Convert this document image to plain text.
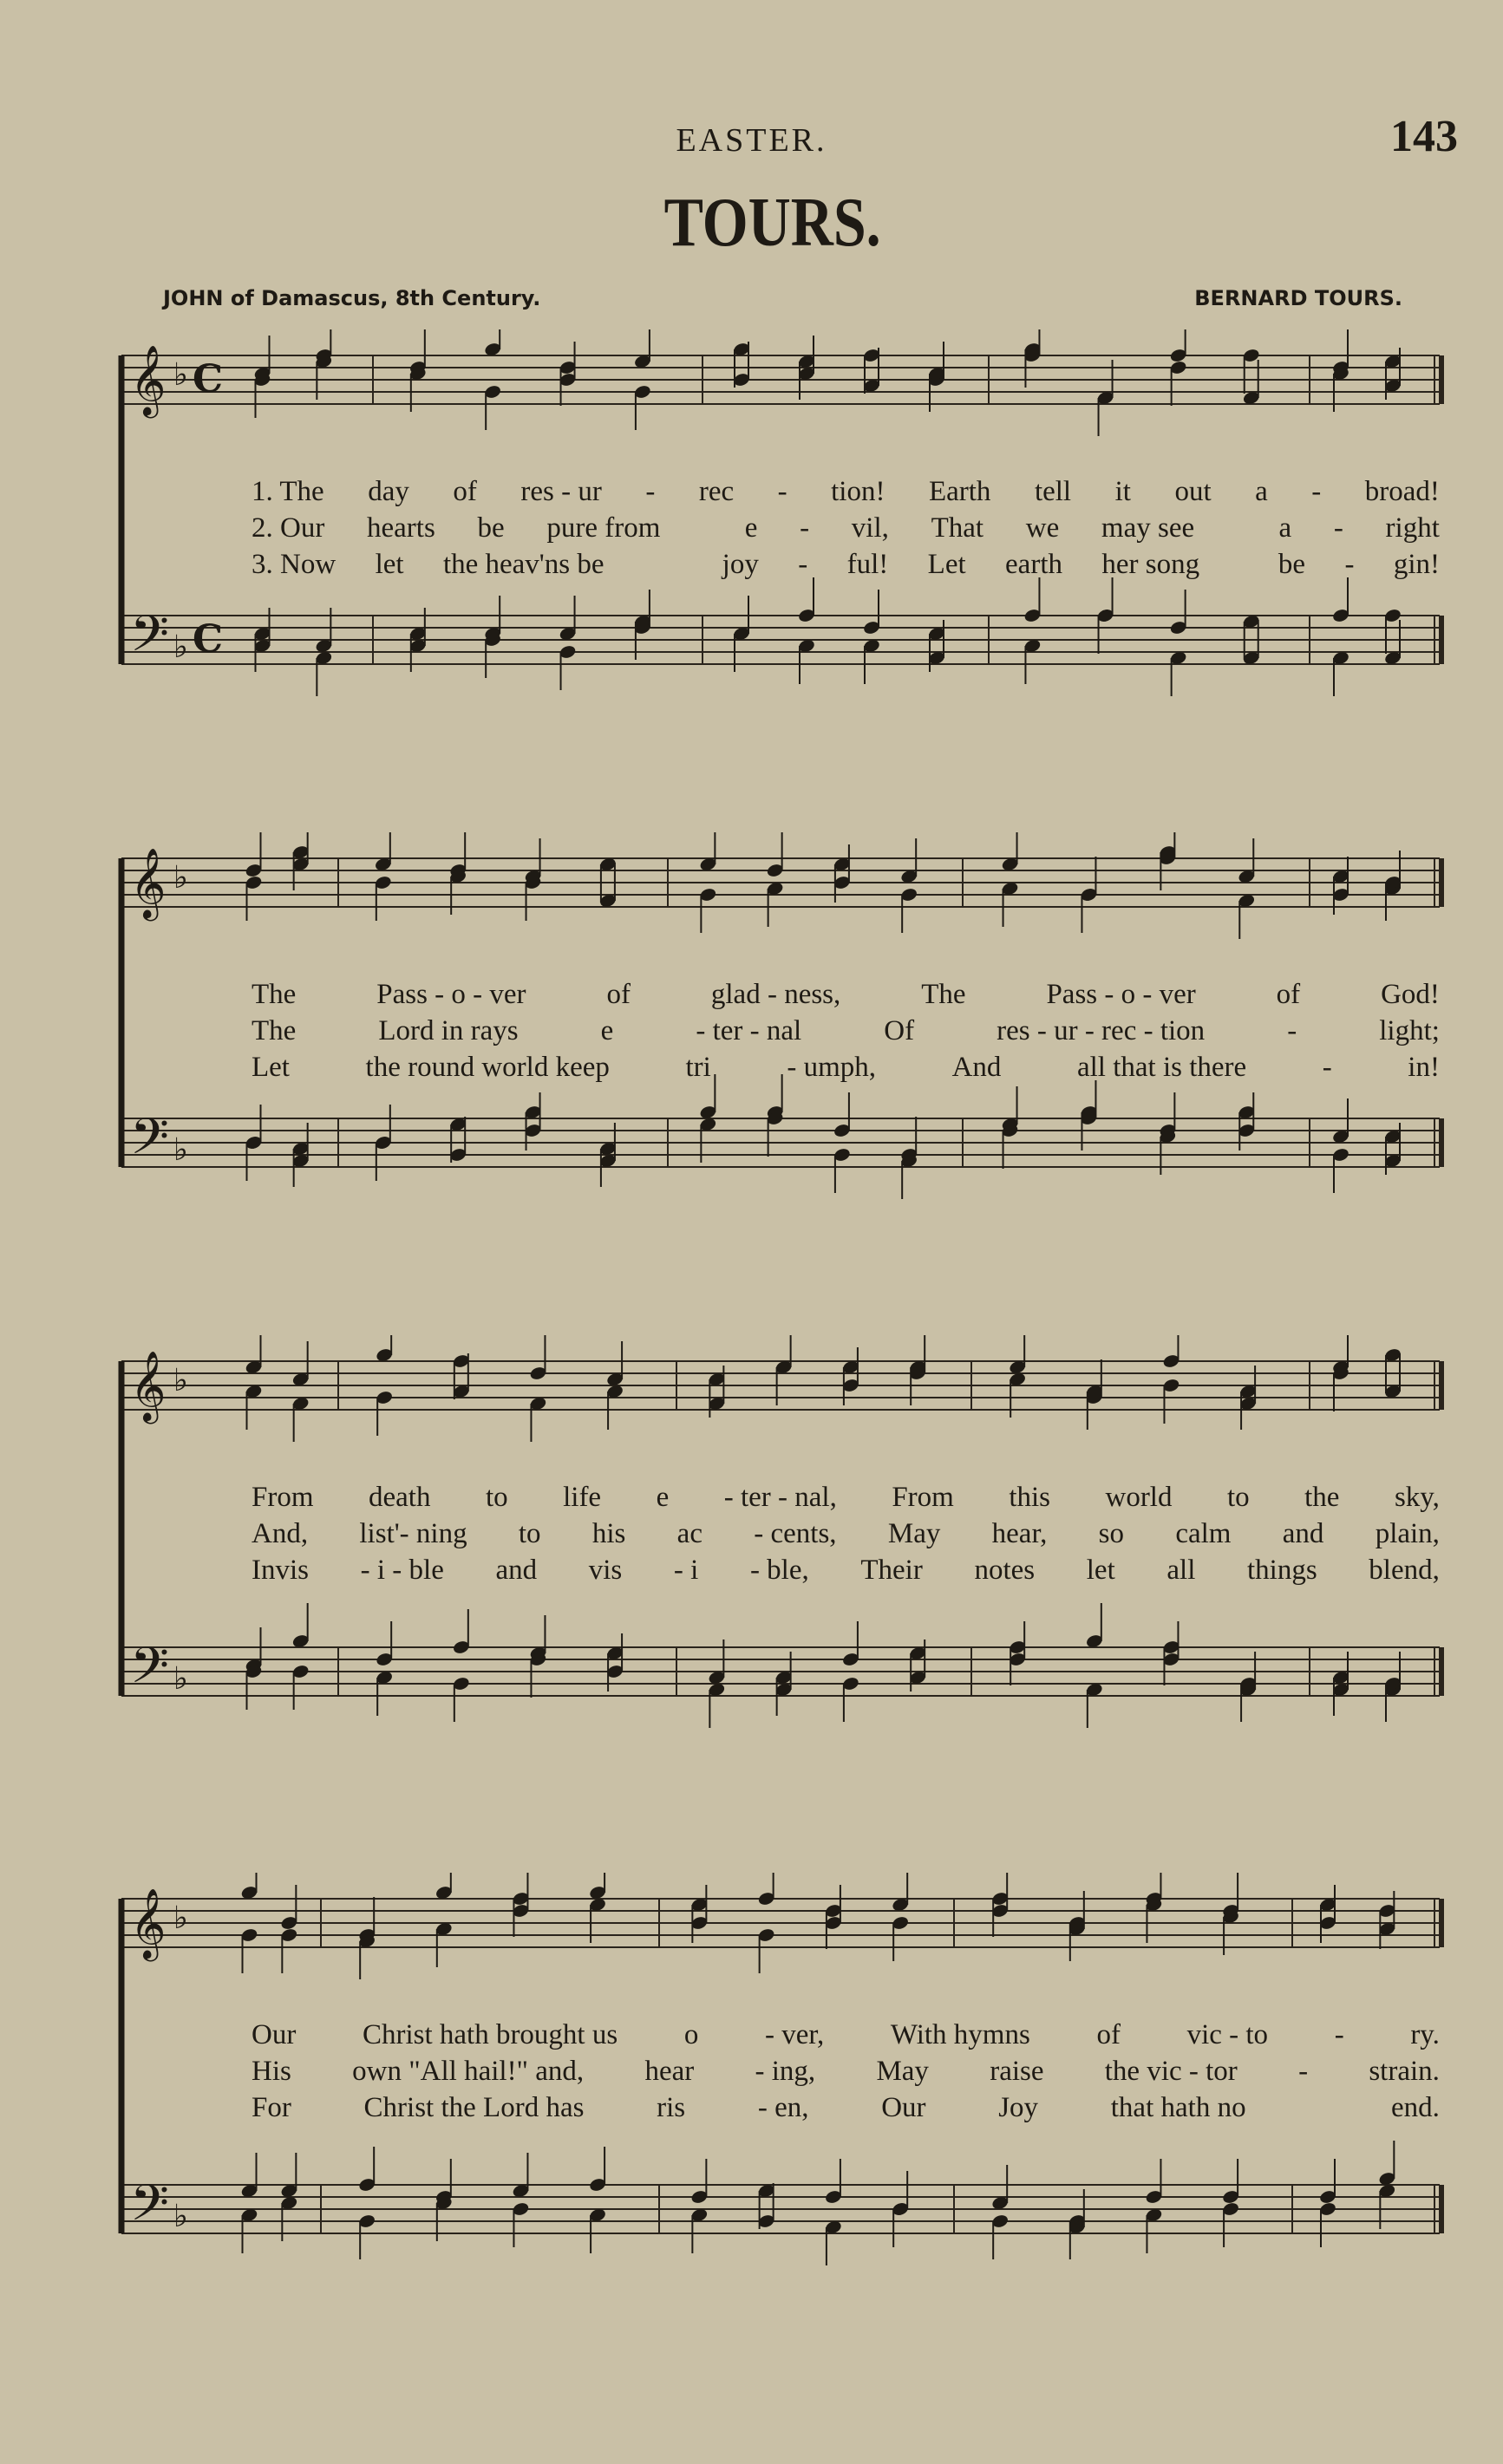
EASTER.	143
TOURS.
JOHN of Damascus, 8th Century.	BERNARD TOURS.
𝄞 ♭ C
𝄢 ♭ C
1. The day of res - ur - rec - tion! Earth tell it out a - broad!
2. Our hearts be pure from	e - vil, That we may see	a - right
3. Now let the heav'ns be	joy - ful! Let earth her song	be - gin!
𝄞 ♭
𝄢 ♭
The	Pass - o - ver	of	glad - ness,	The	Pass - o - ver	of	God!
The	Lord in rays	e	- ter - nal	Of	res - ur - rec - tion	-	light;
Let	the round world keep	tri	- umph,	And	all that is there	-	in!
𝄞 ♭
𝄢 ♭
From death to life e - ter - nal, From this world to the sky,
And, list'- ning to his ac - cents, May hear, so calm and plain,
Invis - i - ble and vis - i - ble, Their notes let all things blend,
𝄞 ♭
𝄢 ♭
Our Christ hath brought us o - ver, With hymns of vic - to - ry.
His own "All hail!" and, hear - ing, May raise the vic - tor - strain.
For	Christ the Lord has	ris	- en,	Our	Joy	that hath no	end.
